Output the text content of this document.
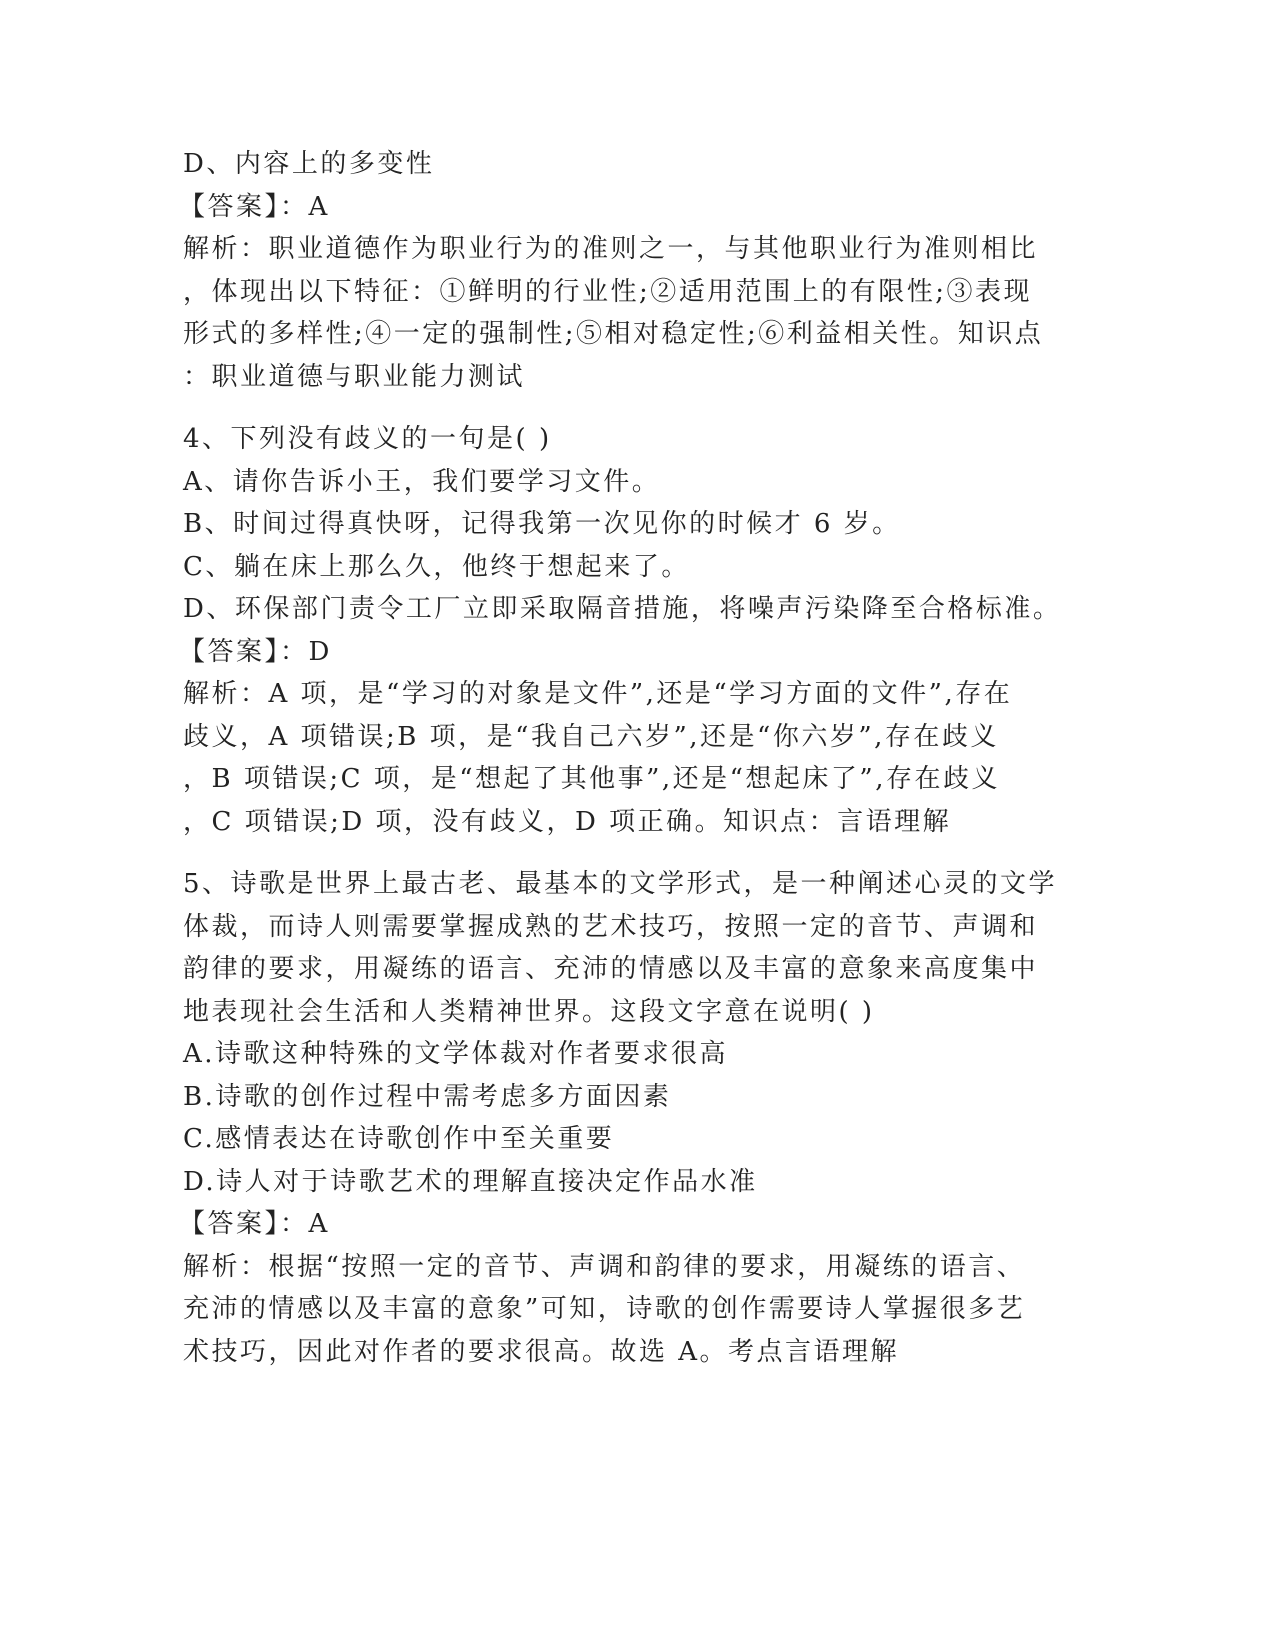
D、内容上的多变性
【答案】：A
解析：职业道德作为职业行为的准则之一，与其他职业行为准则相比
，体现出以下特征：①鲜明的行业性;②适用范围上的有限性;③表现
形式的多样性;④一定的强制性;⑤相对稳定性;⑥利益相关性。知识点
：职业道德与职业能力测试
4、下列没有歧义的一句是( )
A、请你告诉小王，我们要学习文件。
B、时间过得真快呀，记得我第一次见你的时候才 6 岁。
C、躺在床上那么久，他终于想起来了。
D、环保部门责令工厂立即采取隔音措施，将噪声污染降至合格标准。
【答案】：D
解析：A 项，是“学习的对象是文件”,还是“学习方面的文件”,存在
歧义，A 项错误;B 项，是“我自己六岁”,还是“你六岁”,存在歧义
，B 项错误;C 项，是“想起了其他事”,还是“想起床了”,存在歧义
，C 项错误;D 项，没有歧义，D 项正确。知识点：言语理解
5、诗歌是世界上最古老、最基本的文学形式，是一种阐述心灵的文学
体裁，而诗人则需要掌握成熟的艺术技巧，按照一定的音节、声调和
韵律的要求，用凝练的语言、充沛的情感以及丰富的意象来高度集中
地表现社会生活和人类精神世界。这段文字意在说明( )
A.诗歌这种特殊的文学体裁对作者要求很高
B.诗歌的创作过程中需考虑多方面因素
C.感情表达在诗歌创作中至关重要
D.诗人对于诗歌艺术的理解直接决定作品水准
【答案】：A
解析：根据“按照一定的音节、声调和韵律的要求，用凝练的语言、
充沛的情感以及丰富的意象”可知，诗歌的创作需要诗人掌握很多艺
术技巧，因此对作者的要求很高。故选 A。考点言语理解
